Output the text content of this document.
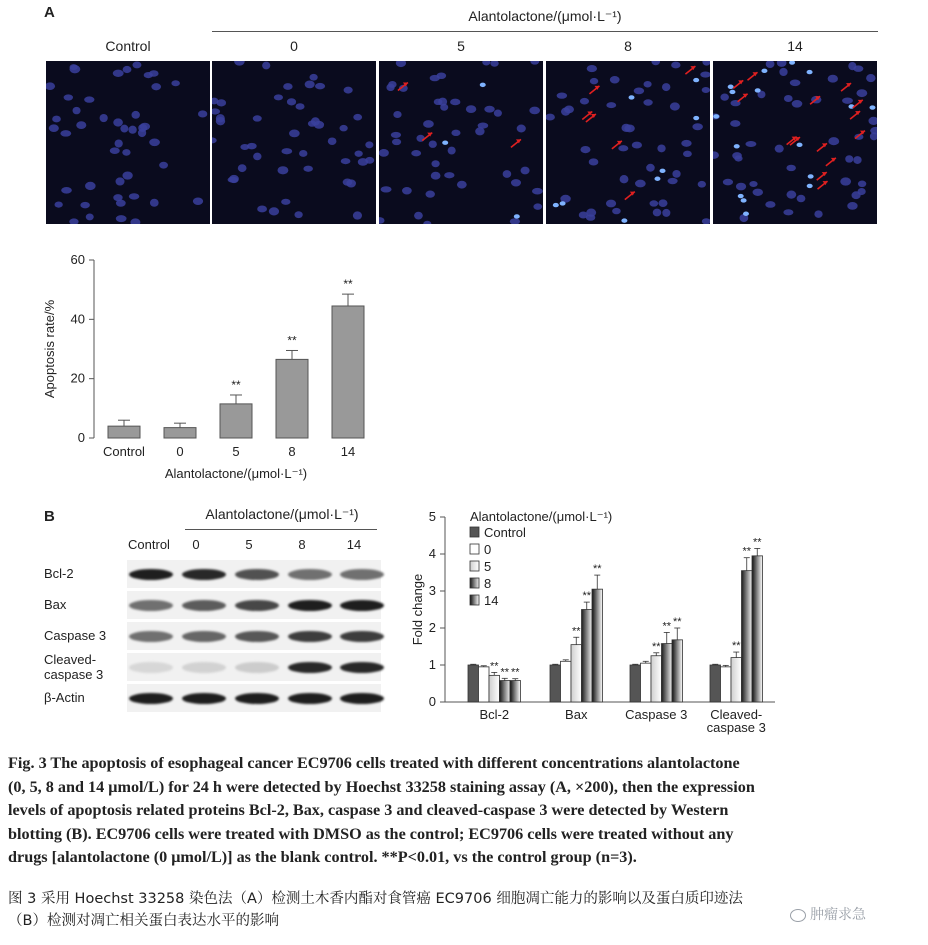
A	Alantolactone/(μmol·L⁻¹)
Control	0	5	8	14
0
20
40
60
Apoptosis rate/%
Control 0
**
5
**
8
**
14
Alantolactone/(μmol·L⁻¹)
B	Alantolactone/(μmol·L⁻¹)
Control	0	5	8	14
Bcl-2
Bax
Caspase 3
Cleaved-
caspase 3
β-Actin	0
1
2
3
4
5
Fold change
** ** **
Bcl-2
**
**
**
Bax
**
** **
Caspase 3
**
**
**
Cleaved-
caspase 3
Alantolactone/(μmol·L⁻¹)
Control
0
5
8
14
Fig. 3 The apoptosis of esophageal cancer EC9706 cells treated with different concentrations alantolactone
(0, 5, 8 and 14 μmol/L) for 24 h were detected by Hoechst 33258 staining assay (A, ×200), then the expression
levels of apoptosis related proteins Bcl-2, Bax, caspase 3 and cleaved-caspase 3 were detected by Western
blotting (B). EC9706 cells were treated with DMSO as the control; EC9706 cells were treated without any
drugs [alantolactone (0 μmol/L)] as the blank control. **P<0.01, vs the control group (n=3).
图 3 采用 Hoechst 33258 染色法（A）检测土木香内酯对食管癌 EC9706 细胞凋亡能力的影响以及蛋白质印迹法
（B）检测对凋亡相关蛋白表达水平的影响	肿瘤求急
